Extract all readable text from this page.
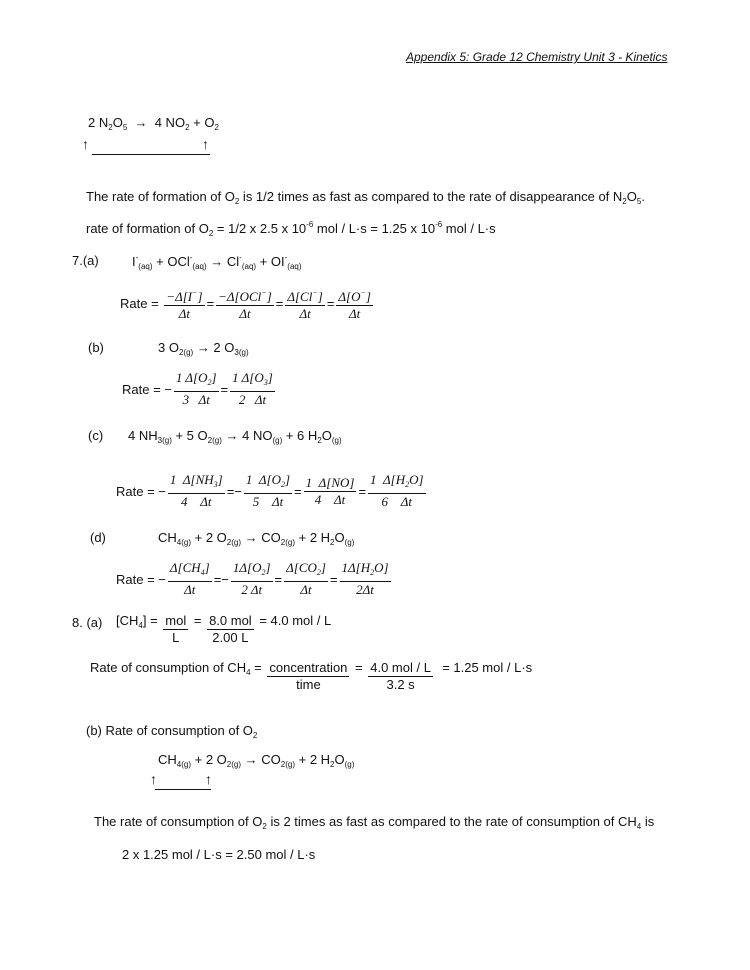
Appendix 5: Grade 12 Chemistry Unit 3 - Kinetics
2 $N_2O_5 \to 4$ $NO_2 + O_2$
↑	↑
The rate of formation of $O_2$ is 1/2 times as fast as compared to the rate of disappearance of $N_2O_5$.
rate of formation of $O_2 = 1/2$ x 2.5 x $10^{-6}$ mol / L·s = 1.25 x $10^{-6}$ mol / L·s
7.(a)	$I^-_{(aq)} + OCl^-_{(aq)} \to Cl^-_{(aq)} + OI^-_{(aq)}$
Rate =
$\frac{-\Delta[I^-]}{\Delta t} = \frac{-\Delta[OCl^-]}{\Delta t} = \frac{\Delta[Cl^-]}{\Delta t} = \frac{\Delta[O^-]}{\Delta t}$
(b)	3 $O_{2(g)} \to 2$ $O_{3(g)}$
Rate = − $\frac{1 \Delta[O_2]}{3 \Delta t} = \frac{1 \Delta[O_3]}{2 \Delta t}$
(c) 4 $NH_{3(g)} + 5$ $O_{2(g)} \to 4$ $NO_{(g)} + 6$ $H_2O_{(g)}$
Rate = − $\frac{1 \Delta[NH_3]}{4 \Delta t} =- \frac{1 \Delta[O_2]}{5 \Delta t} = \frac{1 \Delta[NO]}{4 \Delta t} = \frac{1 \Delta[H_2O]}{6 \Delta t}$
(d)	$CH_{4(g)} + 2$ $O_{2(g)} \to CO_{2(g)} + 2$ $H_2O_{(g)}$
Rate = − $\frac{\Delta[CH_4]}{\Delta t} =- \frac{1\Delta[O_2]}{2 \Delta t} = \frac{\Delta[CO_2]}{\Delta t} = \frac{1\Delta[H_2O]}{2\Delta t}$
8. (a) $[CH_4] = \frac{\text{mol}}{L} = \frac{\text{8.0 mol}}{2.00 L}$
= 4.0 mol / L
Rate of consumption of $CH_4 = \frac{\text{concentration}}{\text{time}} = \frac{\text{4.0 mol / L}}{3.2 s}$
= 1.25 mol / L·s
(b) Rate of consumption of $O_2$
$CH_{4(g)} + 2$ $O_{2(g)} \to CO_{2(g)} + 2$ $H_2O_{(g)}$
↑	↑
The rate of consumption of $O_2$ is 2 times as fast as compared to the rate of consumption of $CH_4$ is
2 x 1.25 mol / L·s = 2.50 mol / L·s
